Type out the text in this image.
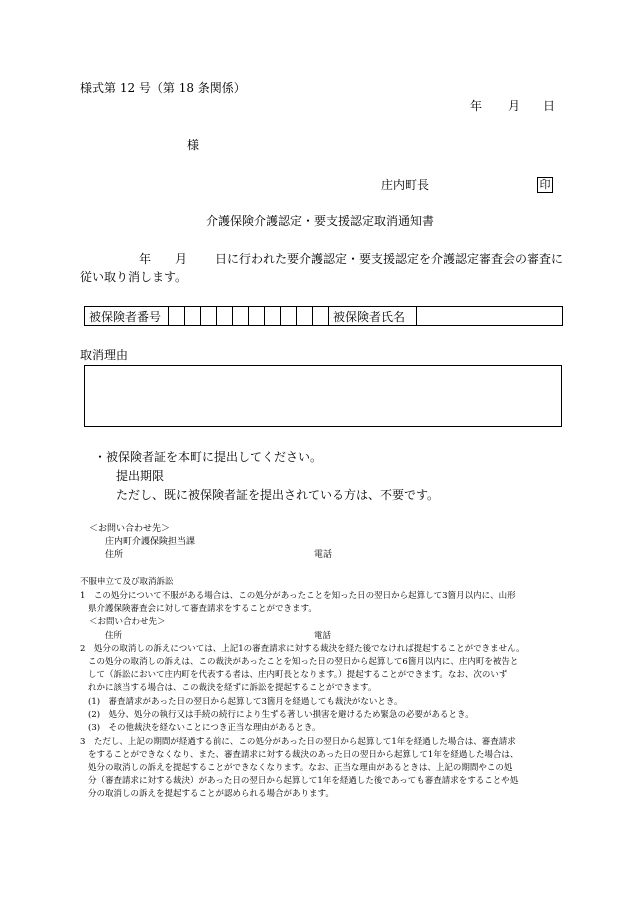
様式第 12 号（第 18 条関係）
年 月 日
様
庄内町長	印
介護保険介護認定・要支援認定取消通知書
年 月 日に行われた要介護認定・要支援認定を介護認定審査会の審査に
従い取り消します。
被保険者番号											被保険者氏名	
取消理由
・被保険者証を本町に提出してください。
提出期限
ただし、既に被保険者証を提出されている方は、不要です。
＜お問い合わせ先＞
庄内町介護保険担当課
住所	電話
不服申立て及び取消訴訟
1　この処分について不服がある場合は、この処分があったことを知った日の翌日から起算して3箇月以内に、山形
県介護保険審査会に対して審査請求をすることができます。
＜お問い合わせ先＞
住所	電話
2　処分の取消しの訴えについては、上記1の審査請求に対する裁決を経た後でなければ提起することができません。
この処分の取消しの訴えは、この裁決があったことを知った日の翌日から起算して6箇月以内に、庄内町を被告と
して（訴訟において庄内町を代表する者は、庄内町長となります。）提起することができます。なお、次のいず
れかに該当する場合は、この裁決を経ずに訴訟を提起することができます。
(1)　審査請求があった日の翌日から起算して3箇月を経過しても裁決がないとき。
(2)　処分、処分の執行又は手続の続行により生ずる著しい損害を避けるため緊急の必要があるとき。
(3)　その他裁決を経ないことにつき正当な理由があるとき。
3　ただし、上記の期間が経過する前に、この処分があった日の翌日から起算して1年を経過した場合は、審査請求
をすることができなくなり、また、審査請求に対する裁決のあった日の翌日から起算して1年を経過した場合は、
処分の取消しの訴えを提起することができなくなります。なお、正当な理由があるときは、上記の期間やこの処
分（審査請求に対する裁決）があった日の翌日から起算して1年を経過した後であっても審査請求をすることや処
分の取消しの訴えを提起することが認められる場合があります。
